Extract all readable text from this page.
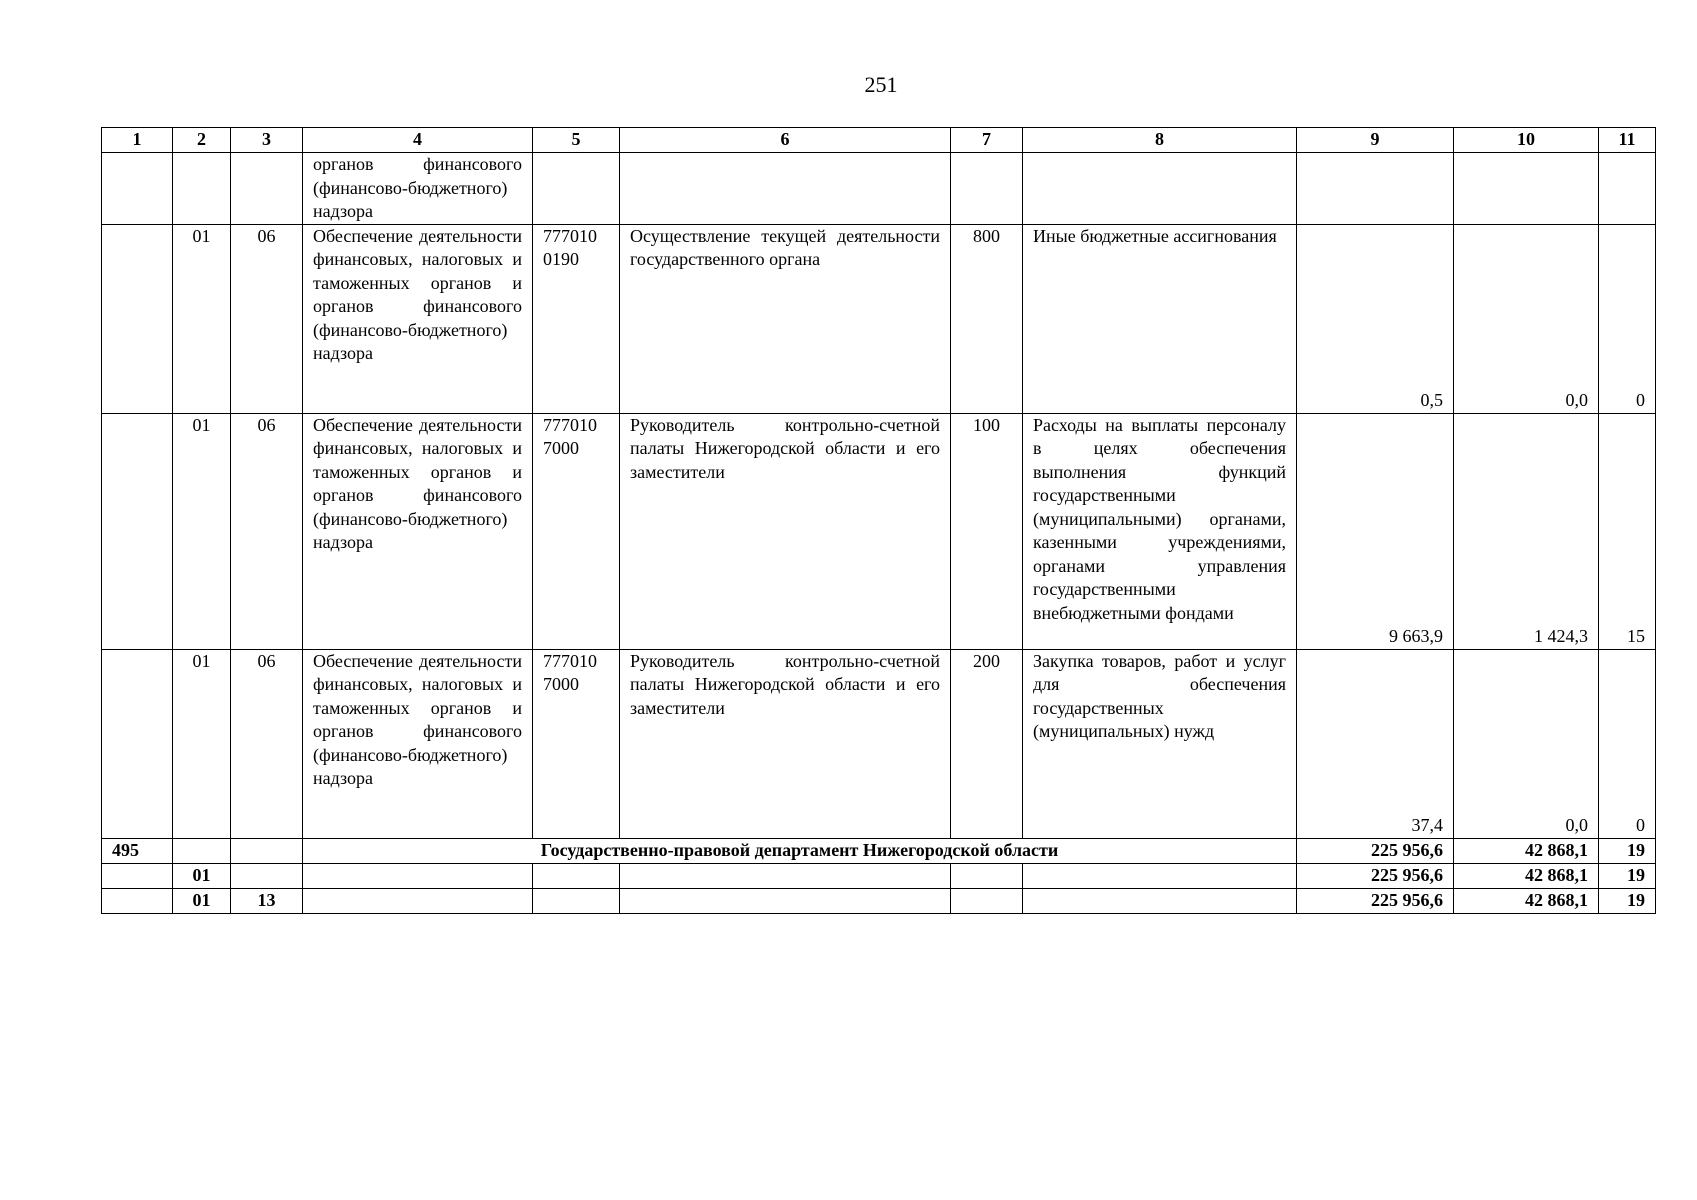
251
1	2	3	4	5	6	7	8	9	10	11
			органов финансового (финансово-бюджетного) надзора							
	01	06	Обеспечение деятельности финансовых, налоговых и таможенных органов и органов финансового (финансово-бюджетного) надзора	777010 0190	Осуществление текущей деятельности государственного органа	800	Иные бюджетные ассигнования	0,5	0,0	0
	01	06	Обеспечение деятельности финансовых, налоговых и таможенных органов и органов финансового (финансово-бюджетного) надзора	777010 7000	Руководитель контрольно-счетной палаты Нижегородской области и его заместители	100	Расходы на выплаты персоналу в целях обеспечения выполнения функций государственными (муниципальными) органами, казенными учреждениями, органами управления государственными внебюджетными фондами	9 663,9	1 424,3	15
	01	06	Обеспечение деятельности финансовых, налоговых и таможенных органов и органов финансового (финансово-бюджетного) надзора	777010 7000	Руководитель контрольно-счетной палаты Нижегородской области и его заместители	200	Закупка товаров, работ и услуг для обеспечения государственных (муниципальных) нужд	37,4	0,0	0
495			Государственно-правовой департамент Нижегородской области					225 956,6	42 868,1	19
	01							225 956,6	42 868,1	19
	01	13						225 956,6	42 868,1	19
